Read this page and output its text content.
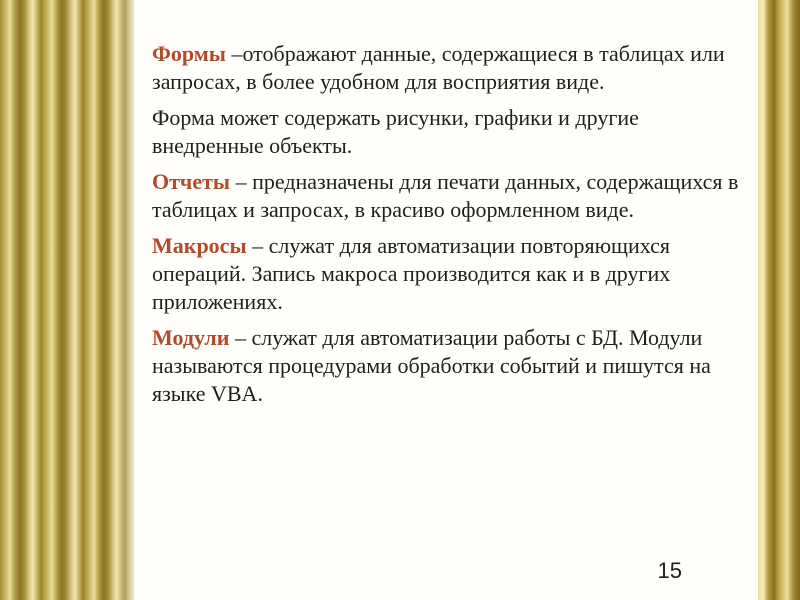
Формы –отображают данные, содержащиеся в таблицах или запросах, в более удобном для восприятия виде.

Форма может содержать рисунки, графики и другие внедренные объекты.

Отчеты – предназначены для печати данных, содержащихся в таблицах и запросах, в красиво оформленном виде.

Макросы – служат для автоматизации повторяющихся операций. Запись макроса производится как и в других приложениях.

Модули – служат для автоматизации работы с БД. Модули называются процедурами обработки событий и пишутся на языке VBA.

15
